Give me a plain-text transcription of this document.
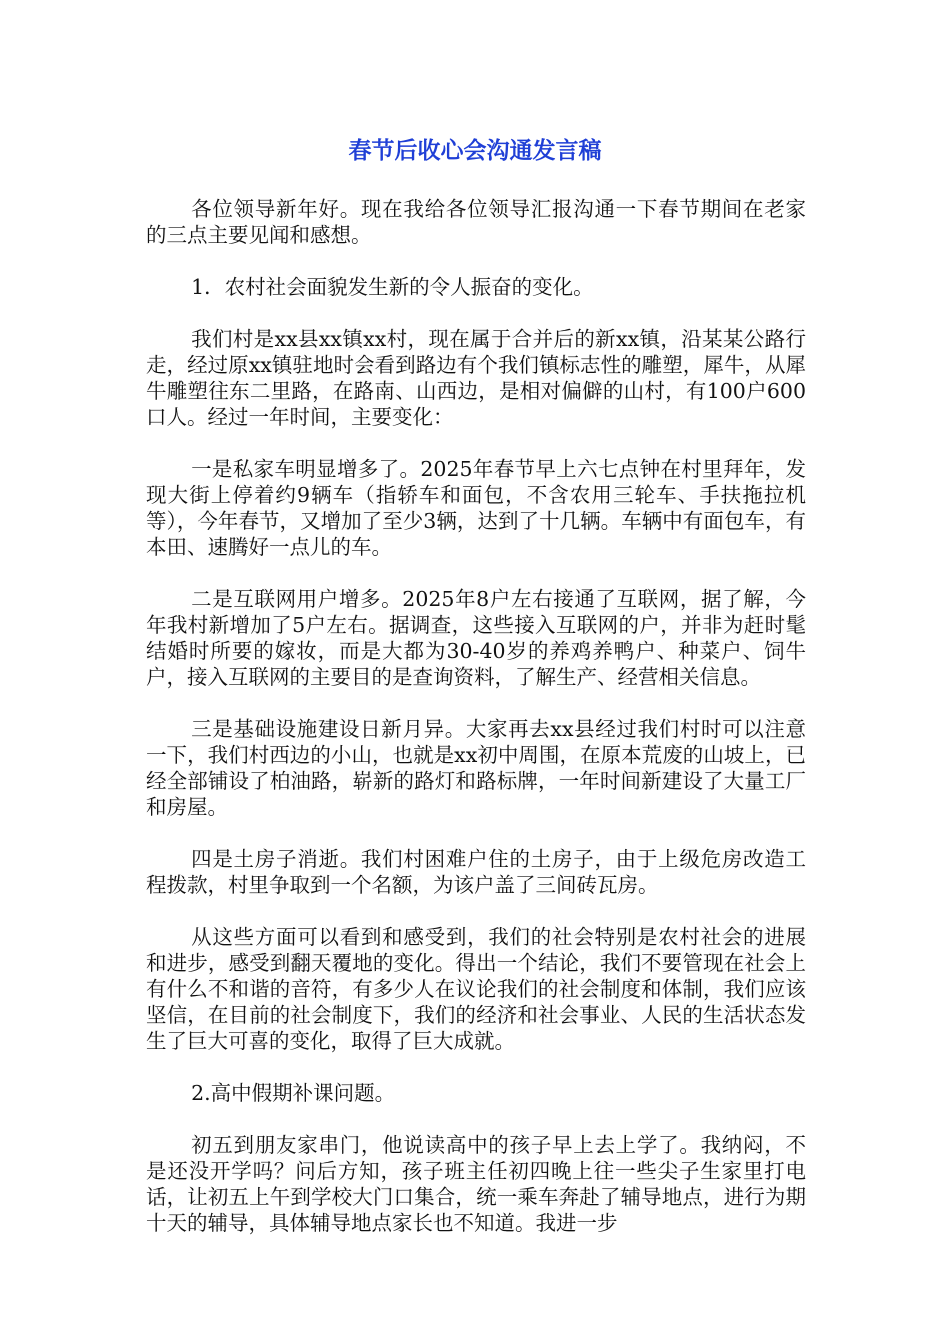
春节后收心会沟通发言稿

各位领导新年好。现在我给各位领导汇报沟通一下春节期间在老家的三点主要见闻和感想。

1．农村社会面貌发生新的令人振奋的变化。

我们村是xx县xx镇xx村，现在属于合并后的新xx镇，沿某某公路行走，经过原xx镇驻地时会看到路边有个我们镇标志性的雕塑，犀牛，从犀牛雕塑往东二里路，在路南、山西边，是相对偏僻的山村，有100户600口人。经过一年时间，主要变化：

一是私家车明显增多了。2025年春节早上六七点钟在村里拜年，发现大街上停着约9辆车（指轿车和面包，不含农用三轮车、手扶拖拉机等），今年春节，又增加了至少3辆，达到了十几辆。车辆中有面包车，有本田、速腾好一点儿的车。

二是互联网用户增多。2025年8户左右接通了互联网，据了解，今年我村新增加了5户左右。据调查，这些接入互联网的户，并非为赶时髦结婚时所要的嫁妆，而是大都为30-40岁的养鸡养鸭户、种菜户、饲牛户，接入互联网的主要目的是查询资料，了解生产、经营相关信息。

三是基础设施建设日新月异。大家再去xx县经过我们村时可以注意一下，我们村西边的小山，也就是xx初中周围，在原本荒废的山坡上，已经全部铺设了柏油路，崭新的路灯和路标牌，一年时间新建设了大量工厂和房屋。

四是土房子消逝。我们村困难户住的土房子，由于上级危房改造工程拨款，村里争取到一个名额，为该户盖了三间砖瓦房。

从这些方面可以看到和感受到，我们的社会特别是农村社会的进展和进步，感受到翻天覆地的变化。得出一个结论，我们不要管现在社会上有什么不和谐的音符，有多少人在议论我们的社会制度和体制，我们应该坚信，在目前的社会制度下，我们的经济和社会事业、人民的生活状态发生了巨大可喜的变化，取得了巨大成就。

2.高中假期补课问题。

初五到朋友家串门，他说读高中的孩子早上去上学了。我纳闷，不是还没开学吗？问后方知，孩子班主任初四晚上往一些尖子生家里打电话，让初五上午到学校大门口集合，统一乘车奔赴了辅导地点，进行为期十天的辅导，具体辅导地点家长也不知道。我进一步
